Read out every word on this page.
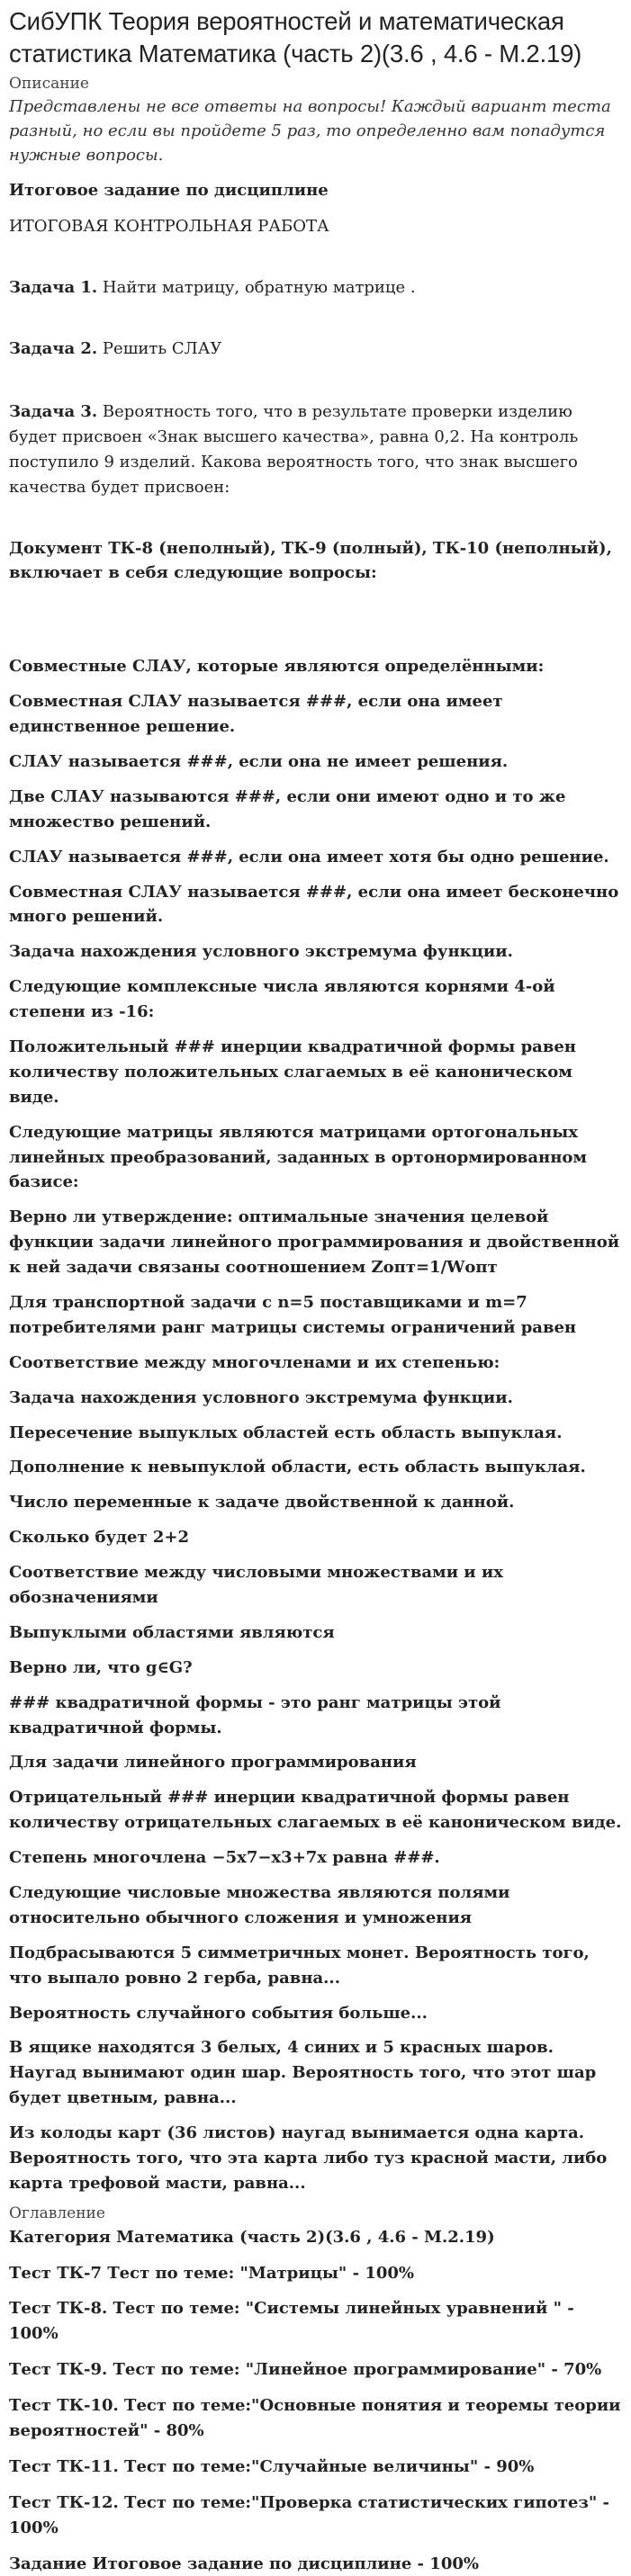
СибУПК Теория вероятностей и математическая статистика Математика (часть 2)(3.6 , 4.6 - М.2.19)
Описание
Представлены не все ответы на вопросы! Каждый вариант теста разный, но если вы пройдете 5 раз, то определенно вам попадутся нужные вопросы.
Итоговое задание по дисциплине
ИТОГОВАЯ КОНТРОЛЬНАЯ РАБОТА
Задача 1. Найти матрицу, обратную матрице .
Задача 2. Решить СЛАУ
Задача 3. Вероятность того, что в результате проверки изделию будет присвоен «Знак высшего качества», равна 0,2. На контроль поступило 9 изделий. Какова вероятность того, что знак высшего качества будет присвоен:
Документ ТК-8 (неполный), ТК-9 (полный), ТК-10 (неполный), включает в себя следующие вопросы:
Совместные СЛАУ, которые являются определёнными:
Совместная СЛАУ называется ###, если она имеет единственное решение.
СЛАУ называется ###, если она не имеет решения.
Две СЛАУ называются ###, если они имеют одно и то же множество решений.
СЛАУ называется ###, если она имеет хотя бы одно решение.
Совместная СЛАУ называется ###, если она имеет бесконечно много решений.
Задача нахождения условного экстремума функции.
Следующие комплексные числа являются корнями 4-ой степени из -16:
Положительный ### инерции квадратичной формы равен количеству положительных слагаемых в её каноническом виде.
Следующие матрицы являются матрицами ортогональных линейных преобразований, заданных в ортонормированном базисе:
Верно ли утверждение: оптимальные значения целевой функции задачи линейного программирования и двойственной к ней задачи связаны соотношением Zопт=1/Wопт
Для транспортной задачи с n=5 поставщиками и m=7 потребителями ранг матрицы системы ограничений равен
Соответствие между многочленами и их степенью:
Задача нахождения условного экстремума функции.
Пересечение выпуклых областей есть область выпуклая.
Дополнение к невыпуклой области, есть область выпуклая.
Число переменные к задаче двойственной к данной.
Сколько будет 2+2
Соответствие между числовыми множествами и их обозначениями
Выпуклыми областями являются
Верно ли, что g∈G?
### квадратичной формы - это ранг матрицы этой квадратичной формы.
Для задачи линейного программирования
Отрицательный ### инерции квадратичной формы равен количеству отрицательных слагаемых в её каноническом виде.
Степень многочлена −5x7−x3+7x равна ###.
Следующие числовые множества являются полями относительно обычного сложения и умножения
Подбрасываются 5 симметричных монет. Вероятность того, что выпало ровно 2 герба, равна...
Вероятность случайного события больше...
В ящике находятся 3 белых, 4 синих и 5 красных шаров. Наугад вынимают один шар. Вероятность того, что этот шар будет цветным, равна...
Из колоды карт (36 листов) наугад вынимается одна карта. Вероятность того, что эта карта либо туз красной масти, либо карта трефовой масти, равна...
Оглавление
Категория Математика (часть 2)(3.6 , 4.6 - М.2.19)
Тест ТК-7 Тест по теме: "Матрицы" - 100%
Тест ТК-8. Тест по теме: "Системы линейных уравнений " - 100%
Тест ТК-9. Тест по теме: "Линейное программирование" - 70%
Тест ТК-10. Тест по теме:"Основные понятия и теоремы теории вероятностей" - 80%
Тест ТК-11. Тест по теме:"Случайные величины" - 90%
Тест ТК-12. Тест по теме:"Проверка статистических гипотез" - 100%
Задание Итоговое задание по дисциплине - 100%
